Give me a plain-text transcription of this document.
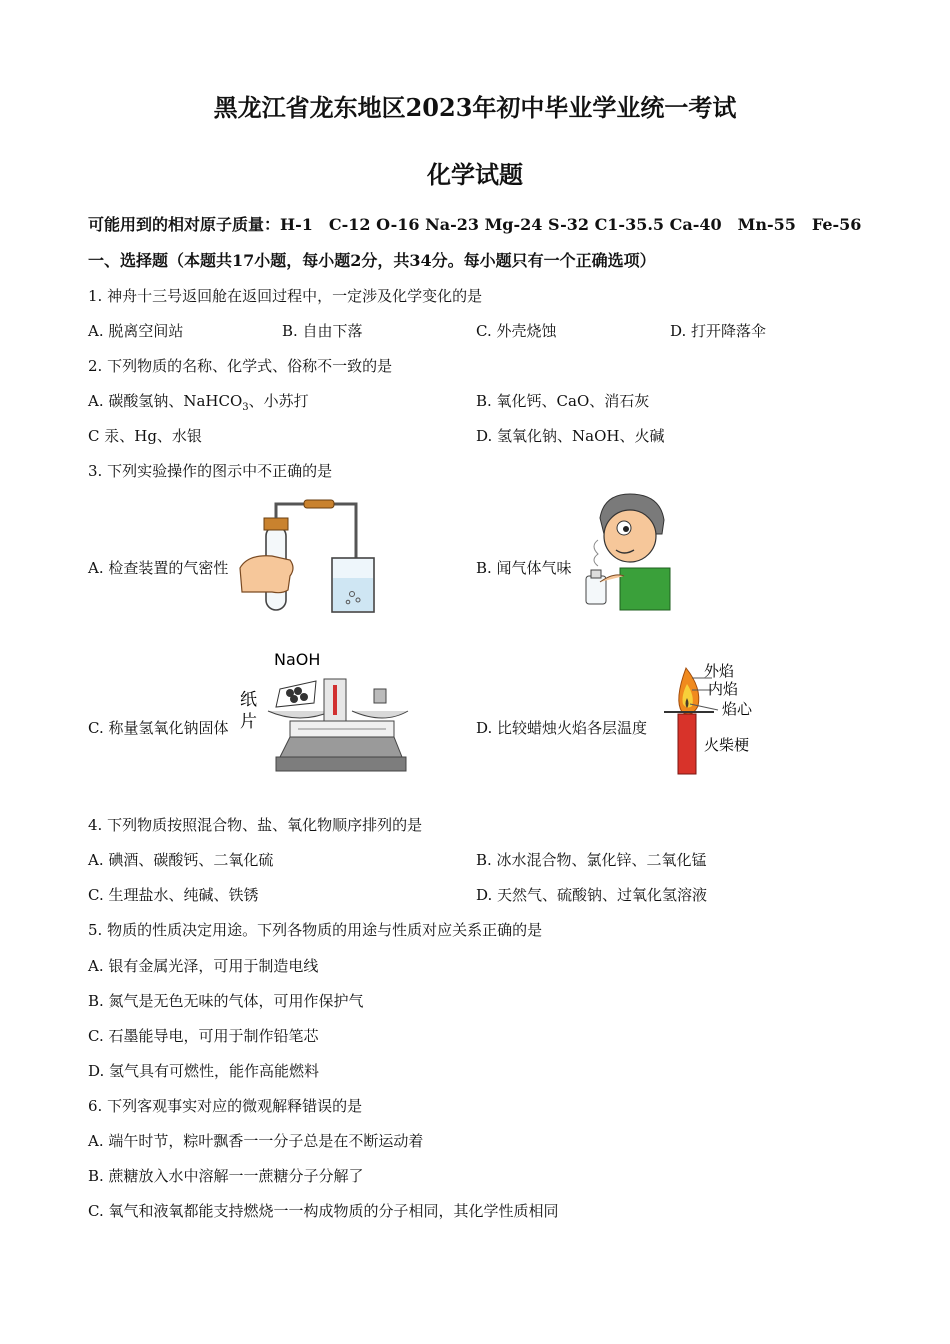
黑龙江省龙东地区2023年初中毕业学业统一考试
化学试题
可能用到的相对原子质量：H-1　C-12 O-16 Na-23 Mg-24 S-32 C1-35.5 Ca-40　Mn-55　Fe-56
一、选择题（本题共17小题，每小题2分，共34分。每小题只有一个正确选项）
1. 神舟十三号返回舱在返回过程中，一定涉及化学变化的是
A. 脱离空间站	B. 自由下落	C. 外壳烧蚀	D. 打开降落伞
2. 下列物质的名称、化学式、俗称不一致的是
A. 碳酸氢钠、NaHCO$_3$、小苏打	B. 氧化钙、CaO、消石灰
C 汞、Hg、水银	D. 氢氧化钠、NaOH、火碱
3. 下列实验操作的图示中不正确的是
A. 检查装置的气密性	B. 闻气体气味
C. 称量氢氧化钠固体	D. 比较蜡烛火焰各层温度
NaOH
纸
片
外焰
内焰
焰心
火柴梗
4. 下列物质按照混合物、盐、氧化物顺序排列的是
A. 碘酒、碳酸钙、二氧化硫	B. 冰水混合物、氯化锌、二氧化锰
C. 生理盐水、纯碱、铁锈	D. 天然气、硫酸钠、过氧化氢溶液
5. 物质的性质决定用途。下列各物质的用途与性质对应关系正确的是
A. 银有金属光泽，可用于制造电线
B. 氮气是无色无味的气体，可用作保护气
C. 石墨能导电，可用于制作铅笔芯
D. 氢气具有可燃性，能作高能燃料
6. 下列客观事实对应的微观解释错误的是
A. 端午时节，粽叶飘香一一分子总是在不断运动着
B. 蔗糖放入水中溶解一一蔗糖分子分解了
C. 氧气和液氧都能支持燃烧一一构成物质的分子相同，其化学性质相同
